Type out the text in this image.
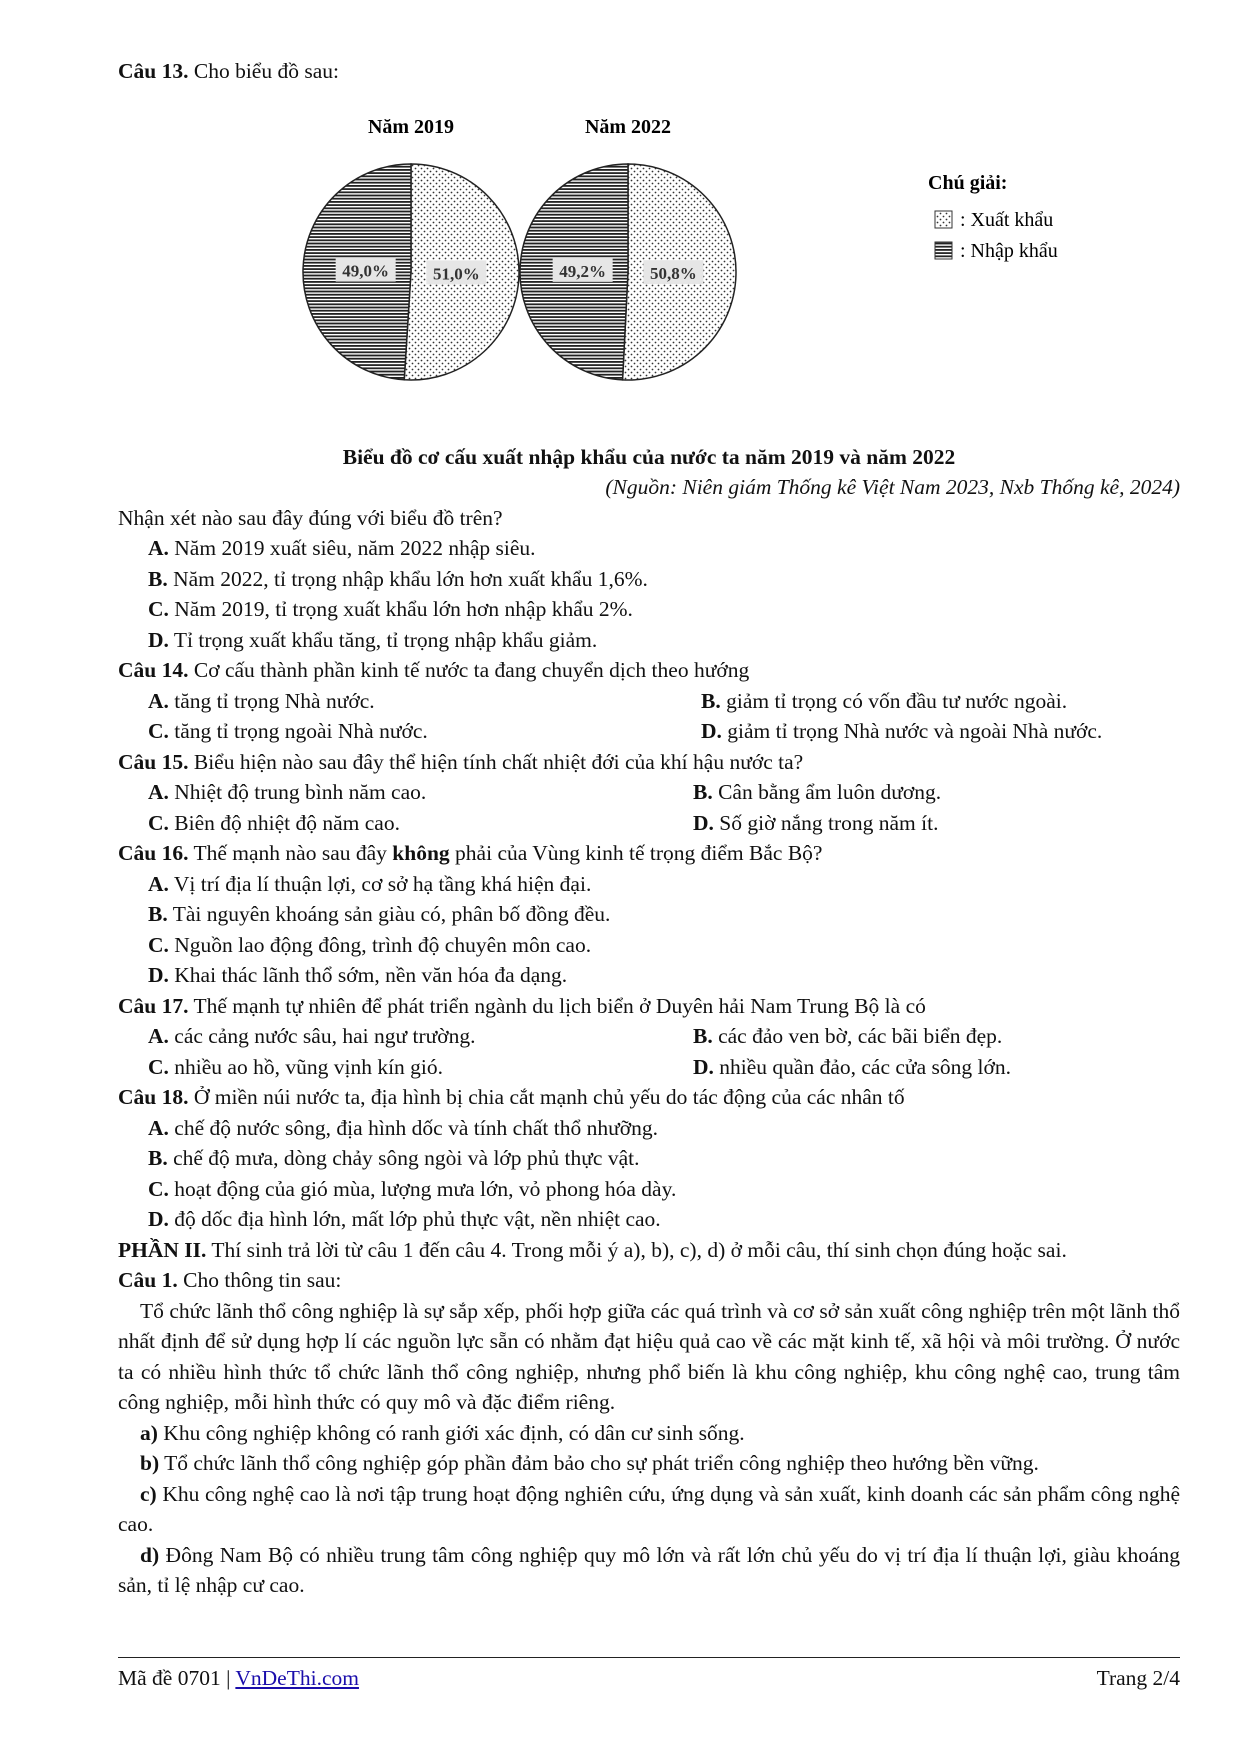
Câu 13. Cho biểu đồ sau:

Năm 2019
51,0%
49,0%
Năm 2022
50,8%
49,2%
Chú giải:
: Xuất khẩu
: Nhập khẩu
Biểu đồ cơ cấu xuất nhập khẩu của nước ta năm 2019 và năm 2022
(Nguồn: Niên giám Thống kê Việt Nam 2023, Nxb Thống kê, 2024)

Nhận xét nào sau đây đúng với biểu đồ trên?

A. Năm 2019 xuất siêu, năm 2022 nhập siêu.

B. Năm 2022, tỉ trọng nhập khẩu lớn hơn xuất khẩu 1,6%.

C. Năm 2019, tỉ trọng xuất khẩu lớn hơn nhập khẩu 2%.

D. Tỉ trọng xuất khẩu tăng, tỉ trọng nhập khẩu giảm.

Câu 14. Cơ cấu thành phần kinh tế nước ta đang chuyển dịch theo hướng

A. tăng tỉ trọng Nhà nước.	B. giảm tỉ trọng có vốn đầu tư nước ngoài.
C. tăng tỉ trọng ngoài Nhà nước.	D. giảm tỉ trọng Nhà nước và ngoài Nhà nước.

Câu 15. Biểu hiện nào sau đây thể hiện tính chất nhiệt đới của khí hậu nước ta?

A. Nhiệt độ trung bình năm cao.	B. Cân bằng ẩm luôn dương.
C. Biên độ nhiệt độ năm cao.	D. Số giờ nắng trong năm ít.

Câu 16. Thế mạnh nào sau đây không phải của Vùng kinh tế trọng điểm Bắc Bộ?

A. Vị trí địa lí thuận lợi, cơ sở hạ tầng khá hiện đại.

B. Tài nguyên khoáng sản giàu có, phân bố đồng đều.

C. Nguồn lao động đông, trình độ chuyên môn cao.

D. Khai thác lãnh thổ sớm, nền văn hóa đa dạng.

Câu 17. Thế mạnh tự nhiên để phát triển ngành du lịch biển ở Duyên hải Nam Trung Bộ là có

A. các cảng nước sâu, hai ngư trường.	B. các đảo ven bờ, các bãi biển đẹp.
C. nhiều ao hồ, vũng vịnh kín gió.	D. nhiều quần đảo, các cửa sông lớn.

Câu 18. Ở miền núi nước ta, địa hình bị chia cắt mạnh chủ yếu do tác động của các nhân tố

A. chế độ nước sông, địa hình dốc và tính chất thổ nhưỡng.

B. chế độ mưa, dòng chảy sông ngòi và lớp phủ thực vật.

C. hoạt động của gió mùa, lượng mưa lớn, vỏ phong hóa dày.

D. độ dốc địa hình lớn, mất lớp phủ thực vật, nền nhiệt cao.

PHẦN II. Thí sinh trả lời từ câu 1 đến câu 4. Trong mỗi ý a), b), c), d) ở mỗi câu, thí sinh chọn đúng hoặc sai.

Câu 1. Cho thông tin sau:

Tổ chức lãnh thổ công nghiệp là sự sắp xếp, phối hợp giữa các quá trình và cơ sở sản xuất công nghiệp trên một lãnh thổ nhất định để sử dụng hợp lí các nguồn lực sẵn có nhằm đạt hiệu quả cao về các mặt kinh tế, xã hội và môi trường. Ở nước ta có nhiều hình thức tổ chức lãnh thổ công nghiệp, nhưng phổ biến là khu công nghiệp, khu công nghệ cao, trung tâm công nghiệp, mỗi hình thức có quy mô và đặc điểm riêng.

a) Khu công nghiệp không có ranh giới xác định, có dân cư sinh sống.

b) Tổ chức lãnh thổ công nghiệp góp phần đảm bảo cho sự phát triển công nghiệp theo hướng bền vững.

c) Khu công nghệ cao là nơi tập trung hoạt động nghiên cứu, ứng dụng và sản xuất, kinh doanh các sản phẩm công nghệ cao.

d) Đông Nam Bộ có nhiều trung tâm công nghiệp quy mô lớn và rất lớn chủ yếu do vị trí địa lí thuận lợi, giàu khoáng sản, tỉ lệ nhập cư cao.

Mã đề 0701 | VnDeThi.com	Trang 2/4
